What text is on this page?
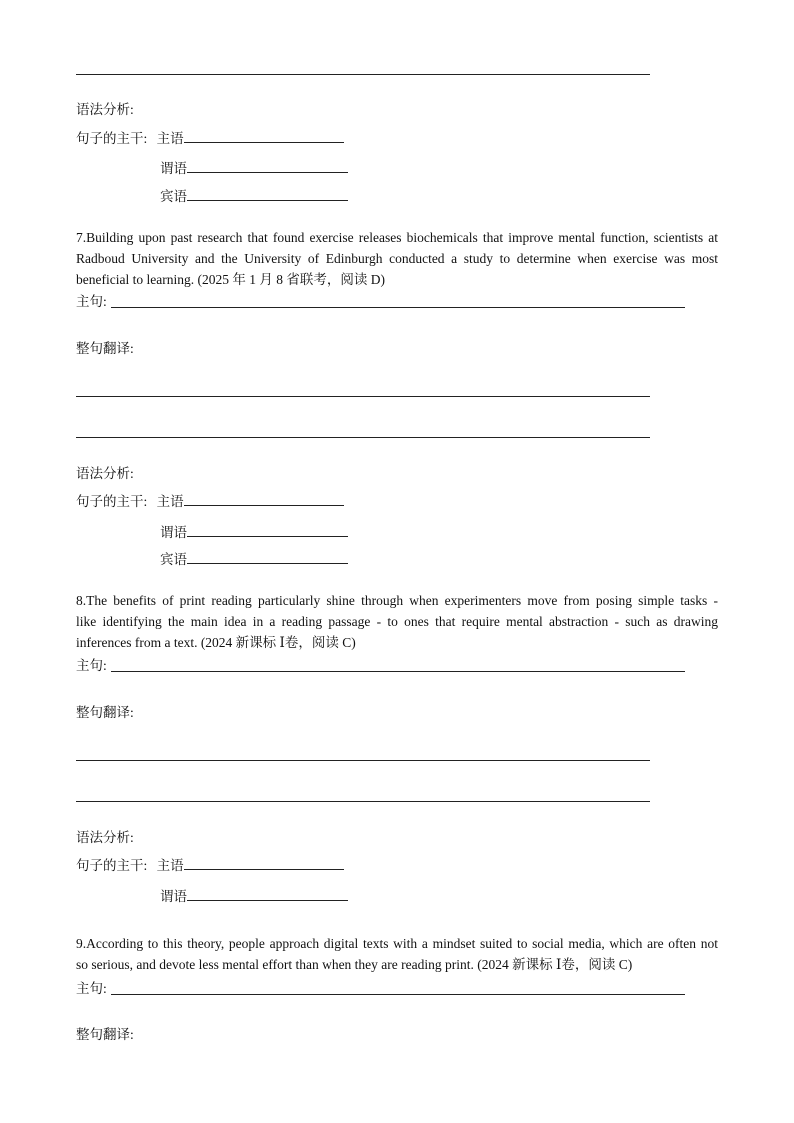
语法分析:
句子的主干: 主语
谓语
宾语
7.Building upon past research that found exercise releases biochemicals that improve mental function, scientists at
Radboud University and the University of Edinburgh conducted a study to determine when exercise was most
beneficial to learning. (2025 年 1 月 8 省联考，阅读 D)
主句:
整句翻译:
语法分析:
句子的主干: 主语
谓语
宾语
8.The benefits of print reading particularly shine through when experimenters move from posing simple tasks -
like identifying the main idea in a reading passage - to ones that require mental abstraction - such as drawing
inferences from a text. (2024 新课标 Ⅰ卷，阅读 C)
主句:
整句翻译:
语法分析:
句子的主干: 主语
谓语
9.According to this theory, people approach digital texts with a mindset suited to social media, which are often not
so serious, and devote less mental effort than when they are reading print. (2024 新课标 Ⅰ卷，阅读 C)
主句:
整句翻译:
